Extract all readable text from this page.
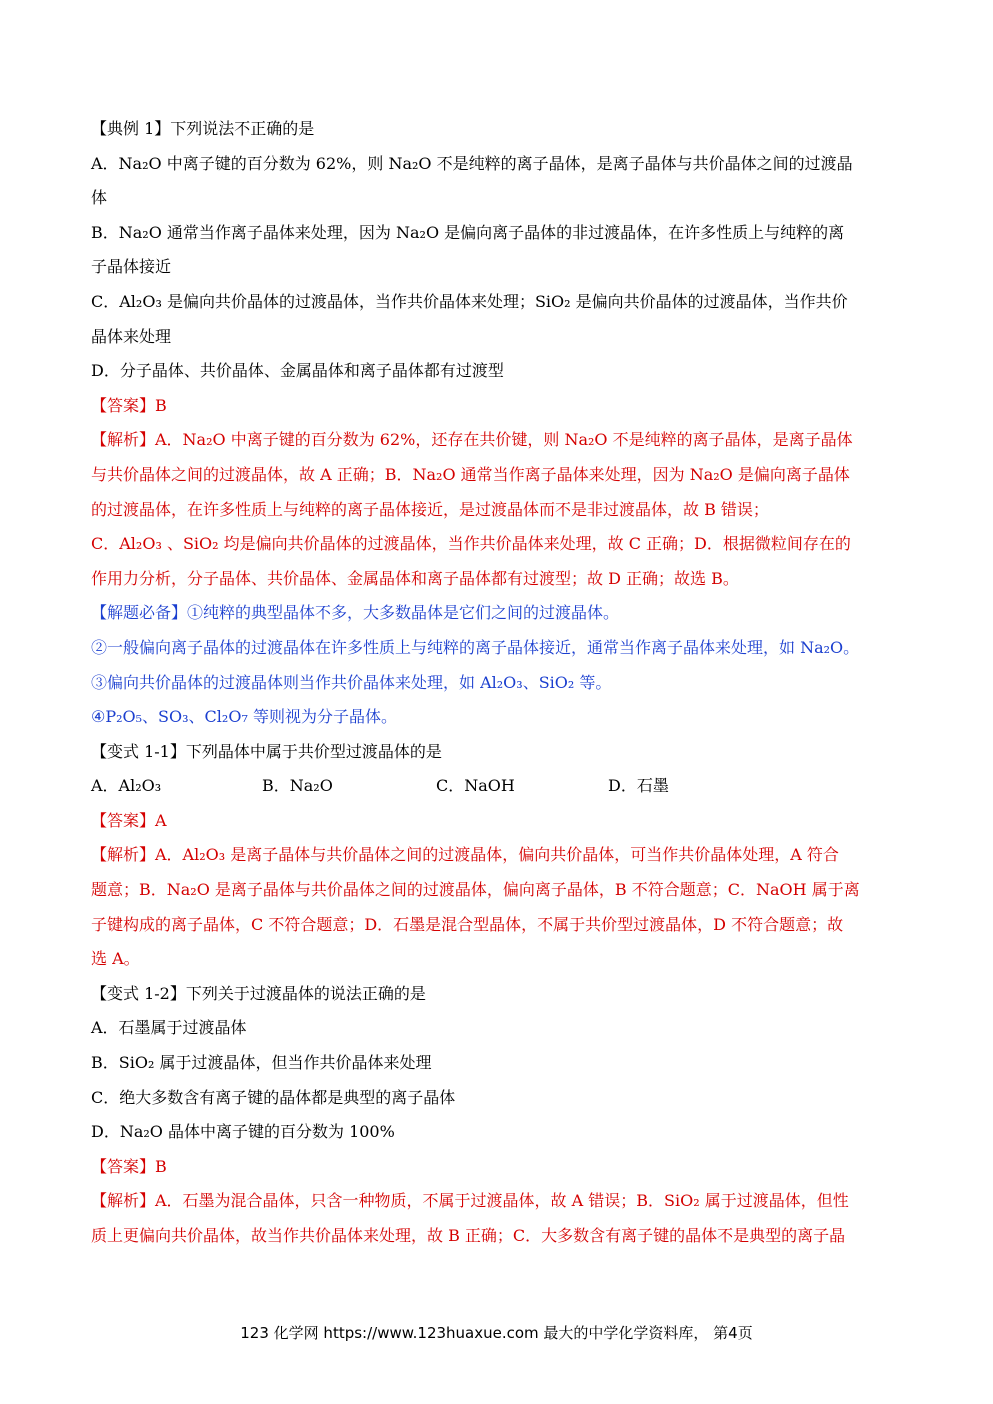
【典例 1】下列说法不正确的是

A．Na₂O 中离子键的百分数为 62%，则 Na₂O 不是纯粹的离子晶体，是离子晶体与共价晶体之间的过渡晶

体

B．Na₂O 通常当作离子晶体来处理，因为 Na₂O 是偏向离子晶体的非过渡晶体，在许多性质上与纯粹的离

子晶体接近

C．Al₂O₃ 是偏向共价晶体的过渡晶体，当作共价晶体来处理；SiO₂ 是偏向共价晶体的过渡晶体，当作共价

晶体来处理

D．分子晶体、共价晶体、金属晶体和离子晶体都有过渡型

【答案】B

【解析】A．Na₂O 中离子键的百分数为 62%，还存在共价键，则 Na₂O 不是纯粹的离子晶体，是离子晶体

与共价晶体之间的过渡晶体，故 A 正确；B．Na₂O 通常当作离子晶体来处理，因为 Na₂O 是偏向离子晶体

的过渡晶体，在许多性质上与纯粹的离子晶体接近，是过渡晶体而不是非过渡晶体，故 B 错误；

C．Al₂O₃ 、SiO₂ 均是偏向共价晶体的过渡晶体，当作共价晶体来处理，故 C 正确；D．根据微粒间存在的

作用力分析，分子晶体、共价晶体、金属晶体和离子晶体都有过渡型；故 D 正确；故选 B。

【解题必备】①纯粹的典型晶体不多，大多数晶体是它们之间的过渡晶体。

②一般偏向离子晶体的过渡晶体在许多性质上与纯粹的离子晶体接近，通常当作离子晶体来处理，如 Na₂O。

③偏向共价晶体的过渡晶体则当作共价晶体来处理，如 Al₂O₃、SiO₂ 等。

④P₂O₅、SO₃、Cl₂O₇ 等则视为分子晶体。

【变式 1-1】下列晶体中属于共价型过渡晶体的是

A．Al₂O₃	B．Na₂O	C．NaOH	D．石墨

【答案】A

【解析】A．Al₂O₃ 是离子晶体与共价晶体之间的过渡晶体，偏向共价晶体，可当作共价晶体处理，A 符合

题意；B．Na₂O 是离子晶体与共价晶体之间的过渡晶体，偏向离子晶体，B 不符合题意；C．NaOH 属于离

子键构成的离子晶体，C 不符合题意；D．石墨是混合型晶体，不属于共价型过渡晶体，D 不符合题意；故

选 A。

【变式 1-2】下列关于过渡晶体的说法正确的是

A．石墨属于过渡晶体

B．SiO₂ 属于过渡晶体，但当作共价晶体来处理

C．绝大多数含有离子键的晶体都是典型的离子晶体

D．Na₂O 晶体中离子键的百分数为 100%

【答案】B

【解析】A．石墨为混合晶体，只含一种物质，不属于过渡晶体，故 A 错误；B．SiO₂ 属于过渡晶体，但性

质上更偏向共价晶体，故当作共价晶体来处理，故 B 正确；C．大多数含有离子键的晶体不是典型的离子晶

123 化学网 https://www.123huaxue.com 最大的中学化学资料库， 第4页
